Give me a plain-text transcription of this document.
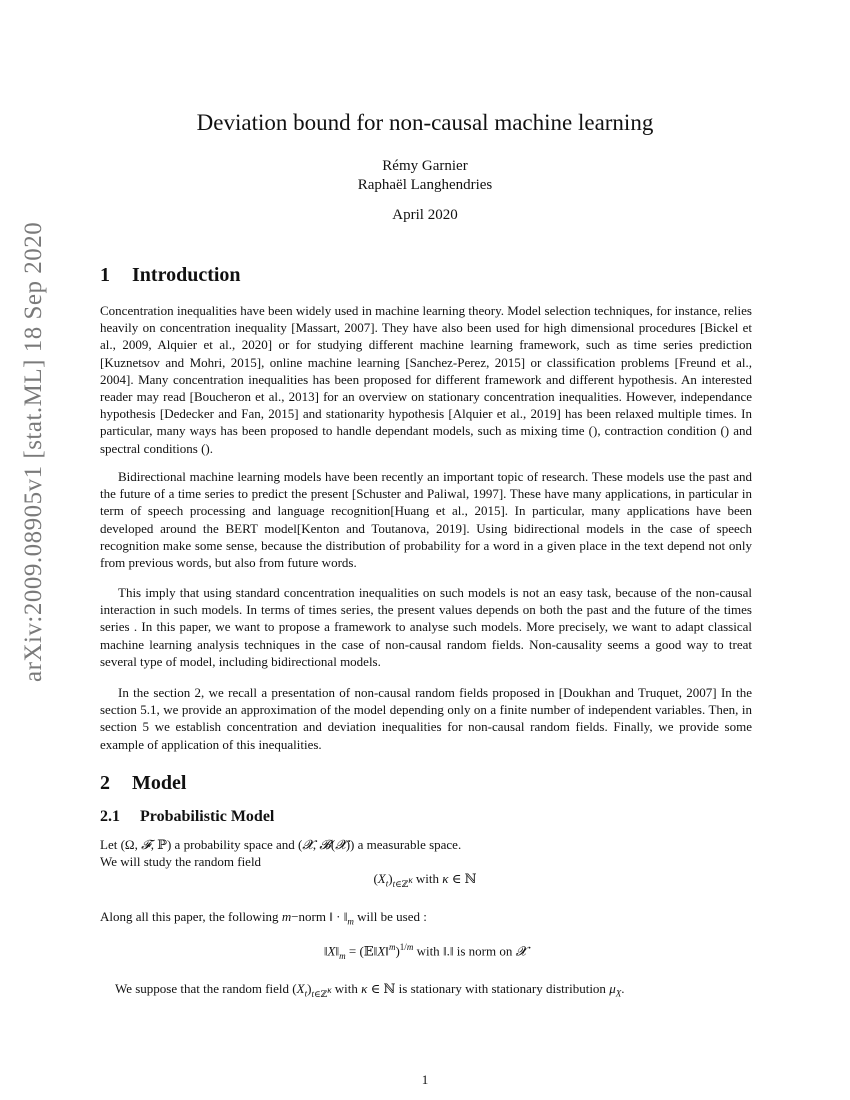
arXiv:2009.08905v1 [stat.ML] 18 Sep 2020
Deviation bound for non-causal machine learning
Rémy Garnier
Raphaël Langhendries
April 2020
1 Introduction

Concentration inequalities have been widely used in machine learning theory. Model selection techniques, for instance, relies heavily on concentration inequality [Massart, 2007]. They have also been used for high dimensional procedures [Bickel et al., 2009, Alquier et al., 2020] or for studying different machine learning framework, such as time series prediction [Kuznetsov and Mohri, 2015], online machine learning [Sanchez-Perez, 2015] or classification problems [Freund et al., 2004]. Many concentration inequalities has been proposed for different framework and different hypothesis. An interested reader may read [Boucheron et al., 2013] for an overview on stationary concentration inequalities. However, independance hypothesis [Dedecker and Fan, 2015] and stationarity hypothesis [Alquier et al., 2019] has been relaxed multiple times. In particular, many ways has been proposed to handle dependant models, such as mixing time (), contraction condition () and spectral conditions ().

Bidirectional machine learning models have been recently an important topic of research. These models use the past and the future of a time series to predict the present [Schuster and Paliwal, 1997]. These have many applications, in particular in term of speech processing and language recognition[Huang et al., 2015]. In particular, many applications have been developed around the BERT model[Kenton and Toutanova, 2019]. Using bidirectional models in the case of speech recognition make some sense, because the distribution of probability for a word in a given place in the text depend not only from previous words, but also from future words.

This imply that using standard concentration inequalities on such models is not an easy task, because of the non-causal interaction in such models. In terms of times series, the present values depends on both the past and the future of the times series . In this paper, we want to propose a framework to analyse such models. More precisely, we want to adapt classical machine learning analysis techniques in the case of non-causal random fields. Non-causality seems a good way to treat several type of model, including bidirectional models.

In the section 2, we recall a presentation of non-causal random fields proposed in [Doukhan and Truquet, 2007] In the section 5.1, we provide an approximation of the model depending only on a finite number of independent variables. Then, in section 5 we establish concentration and deviation inequalities for non-causal random fields. Finally, we provide some example of application of this inequalities.

2 Model
2.1 Probabilistic Model
Let (Ω, 𝓕, ℙ) a probability space and (𝓧, 𝓑(𝓧)) a measurable space.
We will study the random field
$(X_t)_{t\in ℤ^\kappa}$ with κ ∈ ℕ
Along all this paper, the following m−norm ‖ · $‖_m$ will be used :
$‖X‖_m$ = (𝔼‖X‖$^m$)$^{1/m}$ with ‖.‖ is norm on 𝓧
We suppose that the random field $(X_t)_{t\in ℤ^\kappa}$ with κ ∈ ℕ is stationary with stationary distribution $\mu_X$.
1
